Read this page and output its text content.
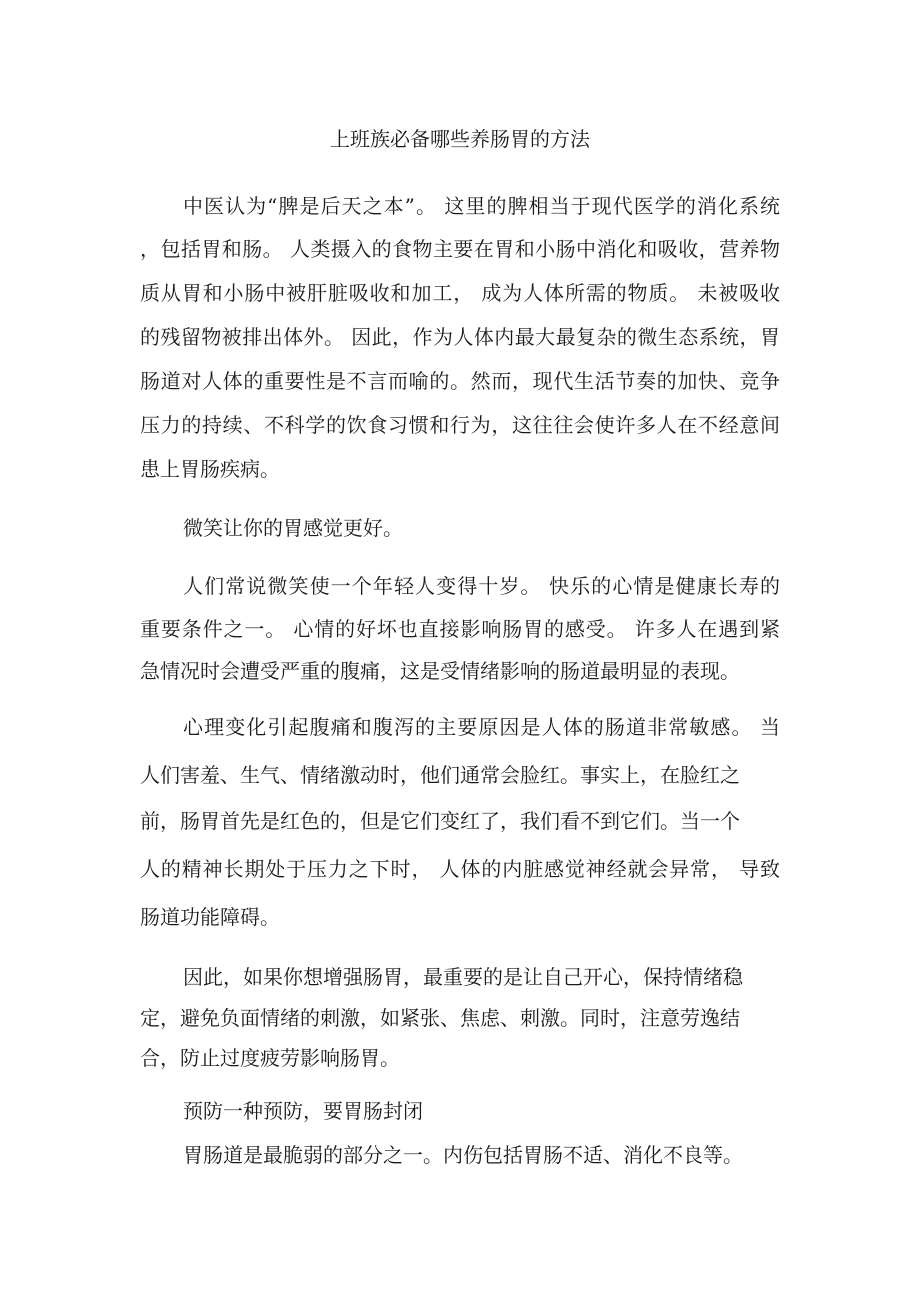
上班族必备哪些养肠胃的方法
中医认为“脾是后天之本”。 这里的脾相当于现代医学的消化系统
，包括胃和肠。 人类摄入的食物主要在胃和小肠中消化和吸收，营养物
质从胃和小肠中被肝脏吸收和加工， 成为人体所需的物质。 未被吸收
的残留物被排出体外。 因此，作为人体内最大最复杂的微生态系统，胃
肠道对人体的重要性是不言而喻的。然而，现代生活节奏的加快、竞争
压力的持续、不科学的饮食习惯和行为，这往往会使许多人在不经意间
患上胃肠疾病。
微笑让你的胃感觉更好。
人们常说微笑使一个年轻人变得十岁。 快乐的心情是健康长寿的
重要条件之一。 心情的好坏也直接影响肠胃的感受。 许多人在遇到紧
急情况时会遭受严重的腹痛，这是受情绪影响的肠道最明显的表现。
心理变化引起腹痛和腹泻的主要原因是人体的肠道非常敏感。 当
人们害羞、生气、情绪激动时，他们通常会脸红。事实上，在脸红之
前，肠胃首先是红色的，但是它们变红了，我们看不到它们。当一个
人的精神长期处于压力之下时， 人体的内脏感觉神经就会异常， 导致
肠道功能障碍。
因此，如果你想增强肠胃，最重要的是让自己开心，保持情绪稳
定，避免负面情绪的刺激，如紧张、焦虑、刺激。同时，注意劳逸结
合，防止过度疲劳影响肠胃。
预防一种预防，要胃肠封闭
胃肠道是最脆弱的部分之一。内伤包括胃肠不适、消化不良等。
